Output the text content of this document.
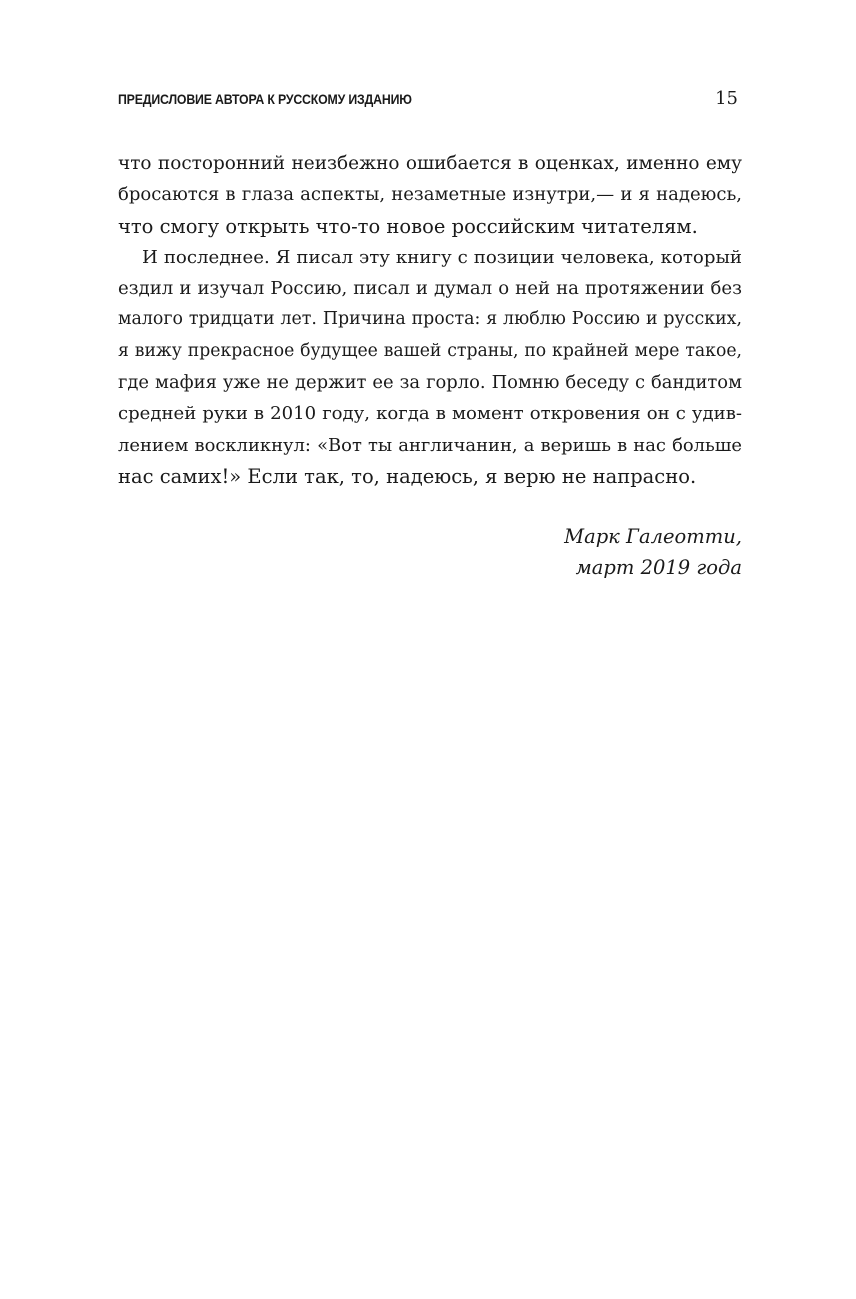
ПРЕДИСЛОВИЕ АВТОРА К РУССКОМУ ИЗДАНИЮ	15
что посторонний неизбежно ошибается в оценках, именно ему
бросаются в глаза аспекты, незаметные изнутри,— и я надеюсь,
что смогу открыть что-то новое российским читателям.
И последнее. Я писал эту книгу с позиции человека, который
ездил и изучал Россию, писал и думал о ней на протяжении без
малого тридцати лет. Причина проста: я люблю Россию и русских,
я вижу прекрасное будущее вашей страны, по крайней мере такое,
где мафия уже не держит ее за горло. Помню беседу с бандитом
средней руки в 2010 году, когда в момент откровения он с удив-
лением воскликнул: «Вот ты англичанин, а веришь в нас больше
нас самих!» Если так, то, надеюсь, я верю не напрасно.
Марк Галеотти,
март 2019 года
